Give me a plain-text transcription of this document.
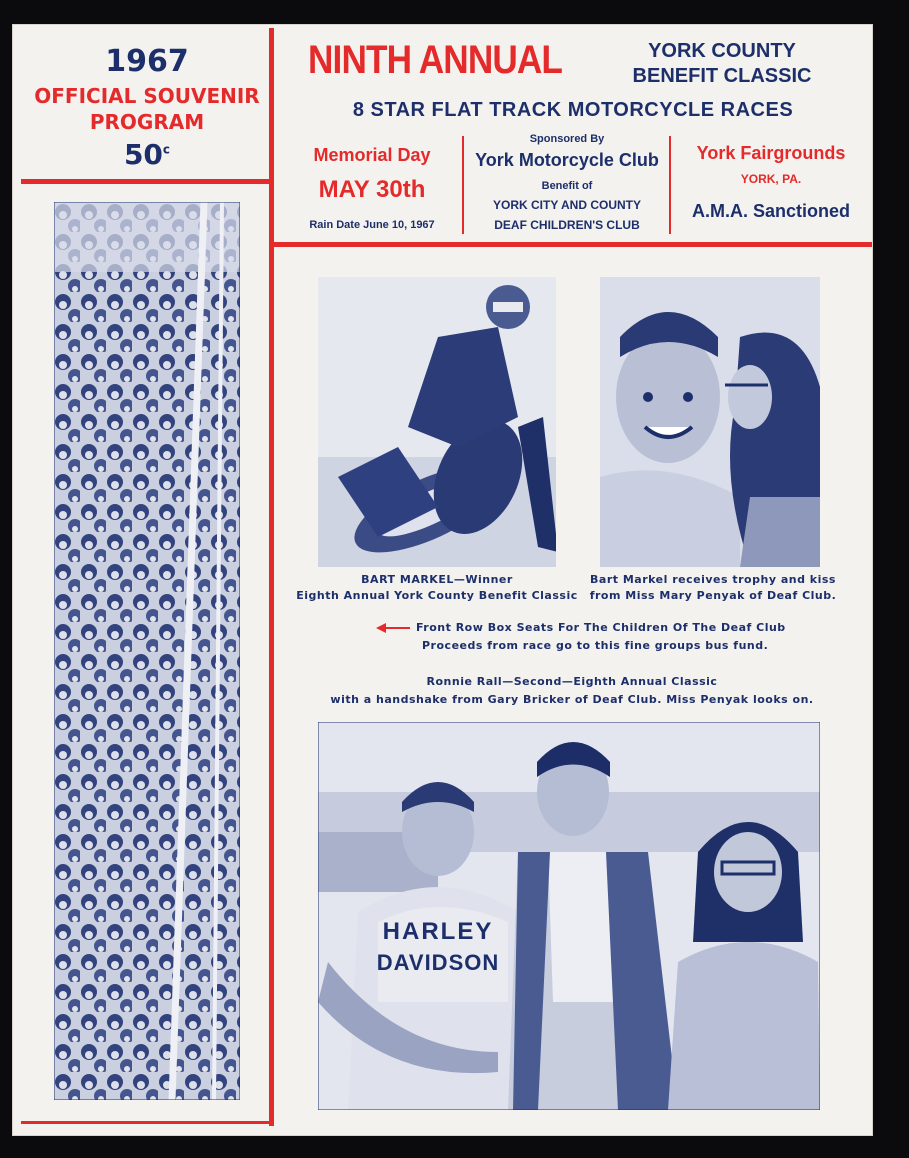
1967
OFFICIAL SOUVENIR
PROGRAM
50$^c$
NINTH ANNUAL	YORK COUNTY
BENEFIT CLASSIC
8 STAR FLAT TRACK MOTORCYCLE RACES
Memorial Day
MAY 30th
Rain Date June 10, 1967
Sponsored By
York Motorcycle Club
Benefit of
YORK CITY AND COUNTY
DEAF CHILDREN'S CLUB
York Fairgrounds
YORK, PA.
A.M.A. Sanctioned
BART MARKEL—Winner
Eighth Annual York County Benefit Classic
Bart Markel receives trophy and kiss
from Miss Mary Penyak of Deaf Club.
Front Row Box Seats For The Children Of The Deaf Club
Proceeds from race go to this fine groups bus fund.
Ronnie Rall—Second—Eighth Annual Classic
with a handshake from Gary Bricker of Deaf Club. Miss Penyak looks on.
HARLEY
DAVIDSON
